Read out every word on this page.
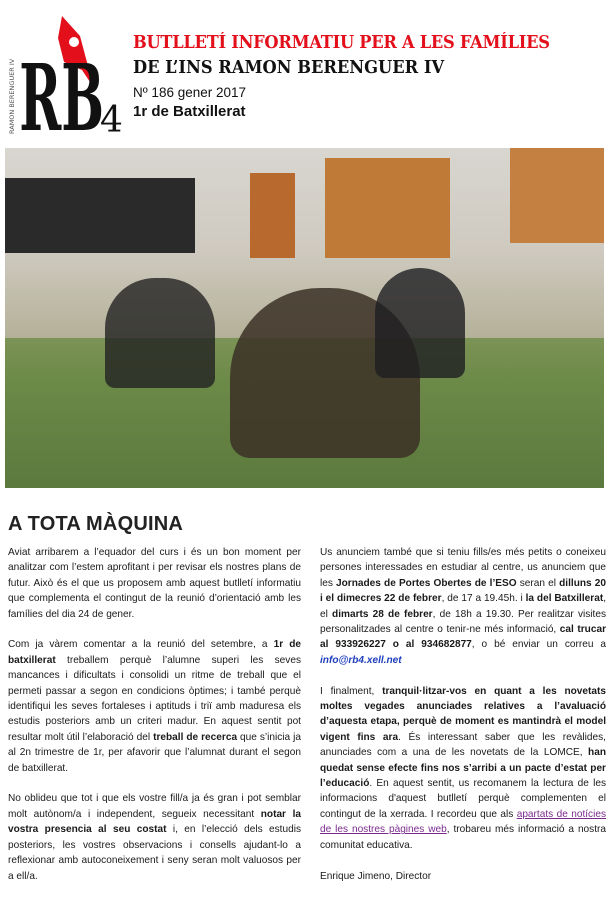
RAMON BERENGUER IV RB
4
BUTLLETÍ INFORMATIU PER A LES FAMÍLIES
DE L’INS RAMON BERENGUER IV
Nº 186 gener 2017
1r de Batxillerat
A TOTA MÀQUINA

Aviat arribarem a l’equador del curs i és un bon moment per analitzar com l’estem aprofitant i per revisar els nostres plans de futur. Això és el que us proposem amb aquest butlletí informatiu que complementa el contingut de la reunió d’orientació amb les famílies del dia 24 de gener.

Com ja vàrem comentar a la reunió del setembre, a 1r de batxillerat treballem perquè l’alumne superi les seves mancances i dificultats i consolidi un ritme de treball que el permeti passar a segon en condicions òptimes; i també perquè identifiqui les seves fortaleses i aptituds i triï amb maduresa els estudis posteriors amb un criteri madur. En aquest sentit pot resultar molt útil l’elaboració del treball de recerca que s’inicia ja al 2n trimestre de 1r, per afavorir que l’alumnat durant el segon de batxillerat.

No oblideu que tot i que els vostre fill/a ja és gran i pot semblar molt autònom/a i independent, segueix necessitant notar la vostra presencia al seu costat i, en l’elecció dels estudis posteriors, les vostres observacions i consells ajudant-lo a reflexionar amb autoconeixement i seny seran molt valuosos per a ell/a.

Us anunciem també que si teniu fills/es més petits o coneixeu persones interessades en estudiar al centre, us anunciem que les Jornades de Portes Obertes de l’ESO seran el dilluns 20 i el dimecres 22 de febrer, de 17 a 19.45h. i la del Batxillerat, el dimarts 28 de febrer, de 18h a 19.30. Per realitzar visites personalitzades al centre o tenir-ne més informació, cal trucar al 933926227 o al 934682877, o bé enviar un correu a info@rb4.xell.net

I finalment, tranquil·litzar-vos en quant a les novetats moltes vegades anunciades relatives a l’avaluació d’aquesta etapa, perquè de moment es mantindrà el model vigent fins ara. És interessant saber que les revàlides, anunciades com a una de les novetats de la LOMCE, han quedat sense efecte fins nos s’arribi a un pacte d’estat per l’educació. En aquest sentit, us recomanem la lectura de les informacions d'aquest butlletí perquè complementen el contingut de la xerrada. I recordeu que als apartats de notícies de les nostres pàgines web, trobareu més informació a nostra comunitat educativa.

Enrique Jimeno, Director
